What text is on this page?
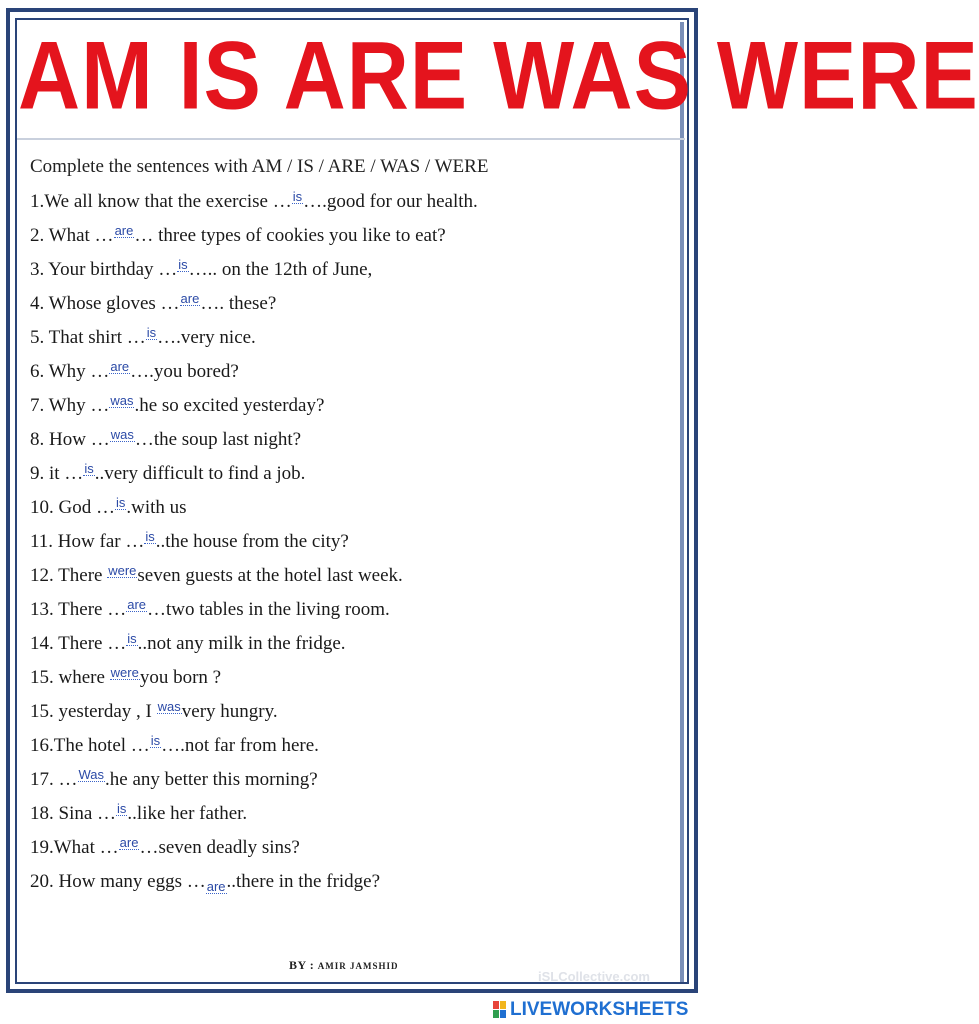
AM IS ARE WAS WERE
Complete the sentences with AM / IS / ARE / WAS / WERE
1.We all know that the exercise …is….good for our health.
2. What …are… three types of cookies you like to eat?
3. Your birthday …is….. on the 12th of June,
4. Whose gloves …are…. these?
5. That shirt …is….very nice.
6. Why …are….you bored?
7. Why …was.he so excited yesterday?
8. How …was…the soup last night?
9. it …is..very difficult to find a job.
10. God …is.with us
11. How far …is..the house from the city?
12. There wereseven guests at the hotel last week.
13. There …are…two tables in the living room.
14. There …is..not any milk in the fridge.
15. where wereyou born ?
15. yesterday , I wasvery hungry.
16.The hotel …is….not far from here.
17. …Was.he any better this morning?
18. Sina …is..like her father.
19.What …are…seven deadly sins?
20. How many eggs …are..there in the fridge?
BY : AMIR JAMSHID
iSLCollective.com
LIVEWORKSHEETS
